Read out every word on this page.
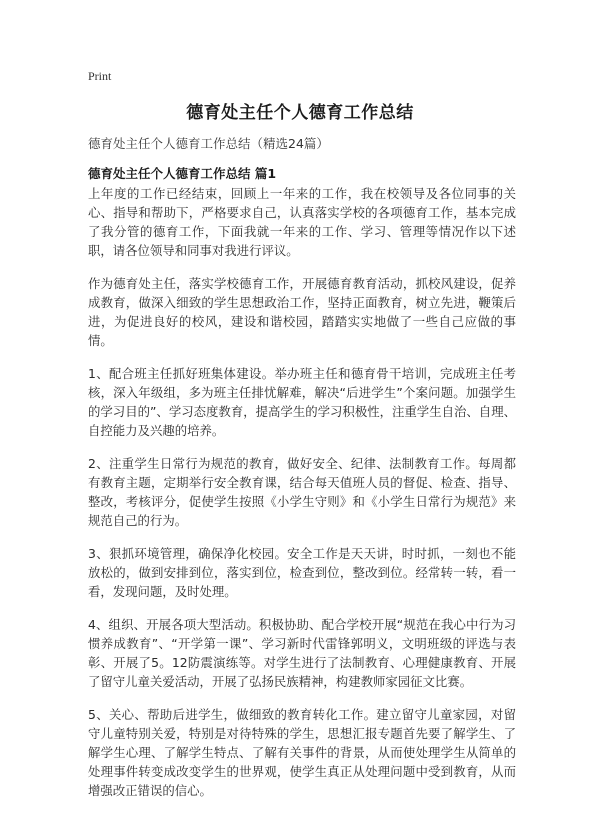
Print
德育处主任个人德育工作总结
德育处主任个人德育工作总结（精选24篇）
德育处主任个人德育工作总结 篇1

上年度的工作已经结束，回顾上一年来的工作，我在校领导及各位同事的关心、指导和帮助下，严格要求自己，认真落实学校的各项德育工作，基本完成了我分管的德育工作，下面我就一年来的工作、学习、管理等情况作以下述职，请各位领导和同事对我进行评议。

作为德育处主任，落实学校德育工作，开展德育教育活动，抓校风建设，促养成教育，做深入细致的学生思想政治工作，坚持正面教育，树立先进，鞭策后进，为促进良好的校风，建设和谐校园，踏踏实实地做了一些自己应做的事情。

1、配合班主任抓好班集体建设。举办班主任和德育骨干培训，完成班主任考核，深入年级组，多为班主任排忧解难，解决“后进学生”个案问题。加强学生的学习目的”、学习态度教育，提高学生的学习积极性，注重学生自治、自理、自控能力及兴趣的培养。

2、注重学生日常行为规范的教育，做好安全、纪律、法制教育工作。每周都有教育主题，定期举行安全教育课，结合每天值班人员的督促、检查、指导、整改，考核评分，促使学生按照《小学生守则》和《小学生日常行为规范》来规范自己的行为。

3、狠抓环境管理，确保净化校园。安全工作是天天讲，时时抓，一刻也不能放松的，做到安排到位，落实到位，检查到位，整改到位。经常转一转，看一看，发现问题，及时处理。

4、组织、开展各项大型活动。积极协助、配合学校开展“规范在我心中行为习惯养成教育”、“开学第一课”、学习新时代雷锋郭明义，文明班级的评选与表彰、开展了5。12防震演练等。对学生进行了法制教育、心理健康教育、开展了留守儿童关爱活动，开展了弘扬民族精神，构建教师家园征文比赛。

5、关心、帮助后进学生，做细致的教育转化工作。建立留守儿童家园，对留守儿童特别关爱，特别是对待特殊的学生，思想汇报专题首先要了解学生、了解学生心理、了解学生特点、了解有关事件的背景，从而使处理学生从简单的处理事件转变成改变学生的世界观，使学生真正从处理问题中受到教育，从而增强改正错误的信心。
